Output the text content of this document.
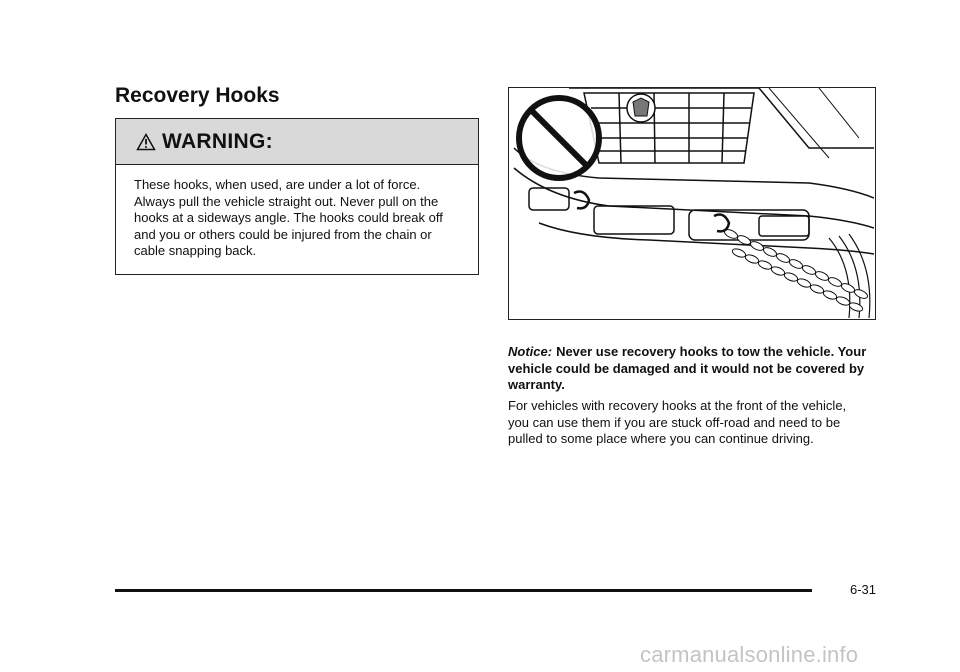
Recovery Hooks
WARNING:
These hooks, when used, are under a lot of force. Always pull the vehicle straight out. Never pull on the hooks at a sideways angle. The hooks could break off and you or others could be injured from the chain or cable snapping back.

Notice: Never use recovery hooks to tow the vehicle. Your vehicle could be damaged and it would not be covered by warranty.

For vehicles with recovery hooks at the front of the vehicle, you can use them if you are stuck off-road and need to be pulled to some place where you can continue driving.

6-31
carmanualsonline.info
